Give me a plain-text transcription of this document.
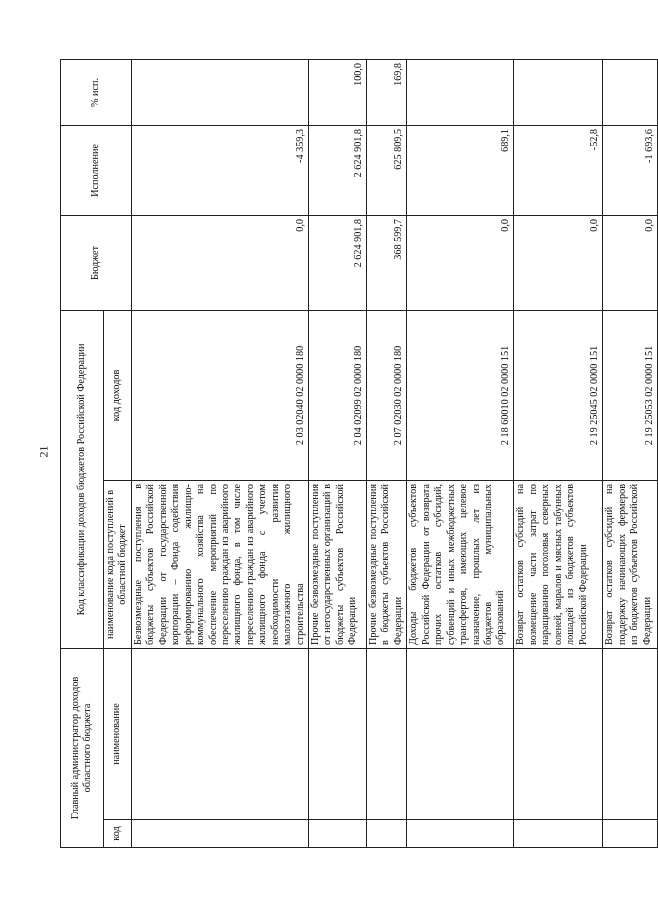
21
Главный администратор доходов областного бюджета		Код классификации доходов бюджетов Российской Федерации		Бюджет	Исполнение	% исп.
код	наименование	наименование кода поступлений в областной бюджет	код доходов			
		Безвозмездные поступления в бюджеты субъектов Российской Федерации от государственной корпорации – Фонда содействия реформированию жилищно-коммунального хозяйства на обеспечение мероприятий по переселению граждан из аварийного жилищного фонда, в том числе переселению граждан из аварийного жилищного фонда с учетом необходимости развития малоэтажного жилищного строительства	2 03 02040 02 0000 180	0,0	-4 359,3	
		Прочие безвозмездные поступления от негосударственных организаций в бюджеты субъектов Российской Федерации	2 04 02099 02 0000 180	2 624 901,8	2 624 901,8	100,0
		Прочие безвозмездные поступления в бюджеты субъектов Российской Федерации	2 07 02030 02 0000 180	368 599,7	625 809,5	169,8
		Доходы бюджетов субъектов Российской Федерации от возврата прочих остатков субсидий, субвенций и иных межбюджетных трансфертов, имеющих целевое назначение, прошлых лет из бюджетов муниципальных образований	2 18 60010 02 0000 151	0,0	689,1	
		Возврат остатков субсидий на возмещение части затрат по наращиванию поголовья северных оленей, маралов и мясных табунных лошадей из бюджетов субъектов Российской Федерации	2 19 25045 02 0000 151	0,0	-52,8	
		Возврат остатков субсидий на поддержку начинающих фермеров из бюджетов субъектов Российской Федерации	2 19 25053 02 0000 151	0,0	-1 693,6	
